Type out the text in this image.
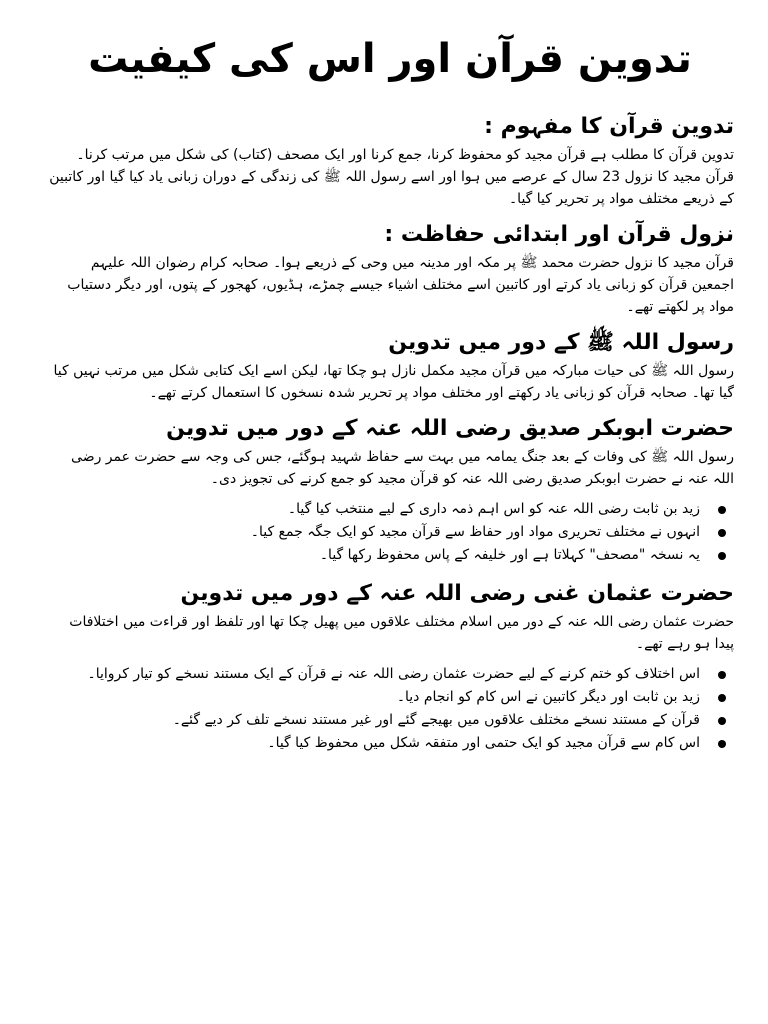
تدوین قرآن اور اس کی کیفیت
تدوین قرآن کا مفہوم :
تدوین قرآن کا مطلب ہے قرآن مجید کو محفوظ کرنا، جمع کرنا اور ایک مصحف (کتاب) کی شکل میں مرتب کرنا۔ قرآن مجید کا نزول 23 سال کے عرصے میں ہوا اور اسے رسول اللہ ﷺ کی زندگی کے دوران زبانی یاد کیا گیا اور کاتبین کے ذریعے مختلف مواد پر تحریر کیا گیا۔
نزول قرآن اور ابتدائی حفاظت :
قرآن مجید کا نزول حضرت محمد ﷺ پر مکہ اور مدینہ میں وحی کے ذریعے ہوا۔ صحابہ کرام رضوان اللہ علیہم اجمعین قرآن کو زبانی یاد کرتے اور کاتبین اسے مختلف اشیاء جیسے چمڑے، ہڈیوں، کھجور کے پتوں، اور دیگر دستیاب مواد پر لکھتے تھے۔
رسول اللہ ﷺ کے دور میں تدوین
رسول اللہ ﷺ کی حیات مبارکہ میں قرآن مجید مکمل نازل ہو چکا تھا، لیکن اسے ایک کتابی شکل میں مرتب نہیں کیا گیا تھا۔ صحابہ قرآن کو زبانی یاد رکھتے اور مختلف مواد پر تحریر شدہ نسخوں کا استعمال کرتے تھے۔
حضرت ابوبکر صدیق رضی اللہ عنہ کے دور میں تدوین
رسول اللہ ﷺ کی وفات کے بعد جنگ یمامہ میں بہت سے حفاظ شہید ہوگئے، جس کی وجہ سے حضرت عمر رضی اللہ عنہ نے حضرت ابوبکر صدیق رضی اللہ عنہ کو قرآن مجید کو جمع کرنے کی تجویز دی۔
زید بن ثابت رضی اللہ عنہ کو اس اہم ذمہ داری کے لیے منتخب کیا گیا۔
انہوں نے مختلف تحریری مواد اور حفاظ سے قرآن مجید کو ایک جگہ جمع کیا۔
یہ نسخہ "مصحف" کہلاتا ہے اور خلیفہ کے پاس محفوظ رکھا گیا۔
حضرت عثمان غنی رضی اللہ عنہ کے دور میں تدوین
حضرت عثمان رضی اللہ عنہ کے دور میں اسلام مختلف علاقوں میں پھیل چکا تھا اور تلفظ اور قراءت میں اختلافات پیدا ہو رہے تھے۔
اس اختلاف کو ختم کرنے کے لیے حضرت عثمان رضی اللہ عنہ نے قرآن کے ایک مستند نسخے کو تیار کروایا۔
زید بن ثابت اور دیگر کاتبین نے اس کام کو انجام دیا۔
قرآن کے مستند نسخے مختلف علاقوں میں بھیجے گئے اور غیر مستند نسخے تلف کر دیے گئے۔
اس کام سے قرآن مجید کو ایک حتمی اور متفقہ شکل میں محفوظ کیا گیا۔
